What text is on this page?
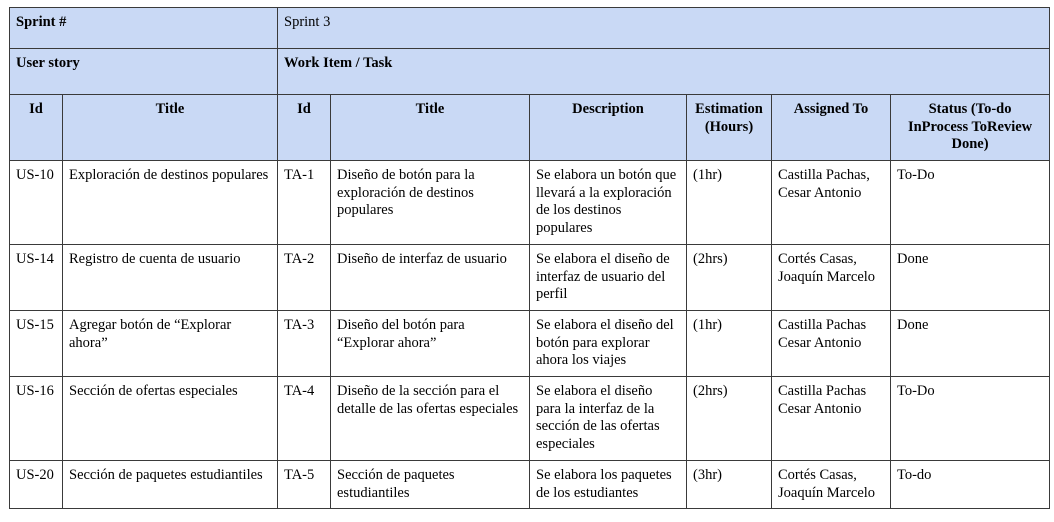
Sprint #		Sprint 3					
User story		Work Item / Task					
Id	Title	Id	Title	Description	Estimation (Hours)	Assigned To	Status (To-do InProcess ToReview Done)
US-10	Exploración de destinos populares	TA-1	Diseño de botón para la exploración de destinos populares	Se elabora un botón que llevará a la exploración de los destinos populares	(1hr)	Castilla Pachas, Cesar Antonio	To-Do
US-14	Registro de cuenta de usuario	TA-2	Diseño de interfaz de usuario	Se elabora el diseño de interfaz de usuario del perfil	(2hrs)	Cortés Casas, Joaquín Marcelo	Done
US-15	Agregar botón de “Explorar ahora”	TA-3	Diseño del botón para “Explorar ahora”	Se elabora el diseño del botón para explorar ahora los viajes	(1hr)	Castilla Pachas Cesar Antonio	Done
US-16	Sección de ofertas especiales	TA-4	Diseño de la sección para el detalle de las ofertas especiales	Se elabora el diseño para la interfaz de la sección de las ofertas especiales	(2hrs)	Castilla Pachas Cesar Antonio	To-Do
US-20	Sección de paquetes estudiantiles	TA-5	Sección de paquetes estudiantiles	Se elabora los paquetes de los estudiantes	(3hr)	Cortés Casas, Joaquín Marcelo	To-do
